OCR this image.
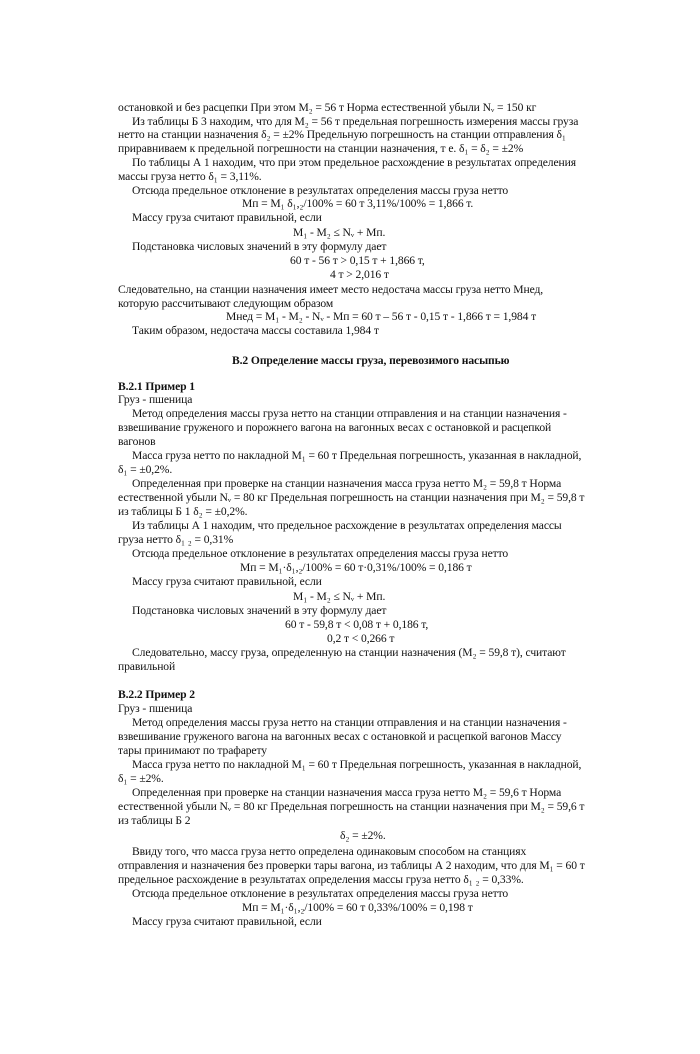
остановкой и без расцепки При этом M₂ = 56 т Норма естественной убыли Nᵥ = 150 кг

Из таблицы Б 3 находим, что для M₂ = 56 т предельная погрешность измерения массы груза

нетто на станции назначения δ₂ = ±2% Предельную погрешность на станции отправления δ₁

приравниваем к предельной погрешности на станции назначения, т е. δ₁ = δ₂ = ±2%

По таблицы А 1 находим, что при этом предельное расхождение в результатах определения

массы груза нетто δ₁ = 3,11%.

Отсюда предельное отклонение в результатах определения массы груза нетто

Mп = M₁ δ₁,₂/100% = 60 т 3,11%/100% = 1,866 т.

Массу груза считают правильной, если

M₁ - M₂ ≤ Nᵥ + Mп.

Подстановка числовых значений в эту формулу дает

60 т - 56 т > 0,15 т + 1,866 т,

4 т > 2,016 т

Следовательно, на станции назначения имеет место недостача массы груза нетто Mнед,

которую рассчитывают следующим образом

Mнед = M₁ - M₂ - Nᵥ - Mп = 60 т – 56 т - 0,15 т - 1,866 т = 1,984 т

Таким образом, недостача массы составила 1,984 т

В.2 Определение массы груза, перевозимого насыпью

В.2.1 Пример 1

Груз - пшеница

Метод определения массы груза нетто на станции отправления и на станции назначения -

взвешивание груженого и порожнего вагона на вагонных весах с остановкой и расцепкой

вагонов

Масса груза нетто по накладной M₁ = 60 т Предельная погрешность, указанная в накладной,

δ₁ = ±0,2%.

Определенная при проверке на станции назначения масса груза нетто M₂ = 59,8 т Норма

естественной убыли Nᵥ = 80 кг Предельная погрешность на станции назначения при M₂ = 59,8 т

из таблицы Б 1 δ₂ = ±0,2%.

Из таблицы А 1 находим, что предельное расхождение в результатах определения массы

груза нетто δ₁ ₂ = 0,31%

Отсюда предельное отклонение в результатах определения массы груза нетто

Mп = M₁·δ₁,₂/100% = 60 т·0,31%/100% = 0,186 т

Массу груза считают правильной, если

M₁ - M₂ ≤ Nᵥ + Mп.

Подстановка числовых значений в эту формулу дает

60 т - 59,8 т < 0,08 т + 0,186 т,

0,2 т < 0,266 т

Следовательно, массу груза, определенную на станции назначения (M₂ = 59,8 т), считают

правильной

В.2.2 Пример 2

Груз - пшеница

Метод определения массы груза нетто на станции отправления и на станции назначения -

взвешивание груженого вагона на вагонных весах с остановкой и расцепкой вагонов Массу

тары принимают по трафарету

Масса груза нетто по накладной M₁ = 60 т Предельная погрешность, указанная в накладной,

δ₁ = ±2%.

Определенная при проверке на станции назначения масса груза нетто M₂ = 59,6 т Норма

естественной убыли Nᵥ = 80 кг Предельная погрешность на станции назначения при M₂ = 59,6 т

из таблицы Б 2

δ₂ = ±2%.

Ввиду того, что масса груза нетто определена одинаковым способом на станциях

отправления и назначения без проверки тары вагона, из таблицы А 2 находим, что для M₁ = 60 т

предельное расхождение в результатах определения массы груза нетто δ₁ ₂ = 0,33%.

Отсюда предельное отклонение в результатах определения массы груза нетто

Mп = M₁·δ₁,₂/100% = 60 т 0,33%/100% = 0,198 т

Массу груза считают правильной, если
